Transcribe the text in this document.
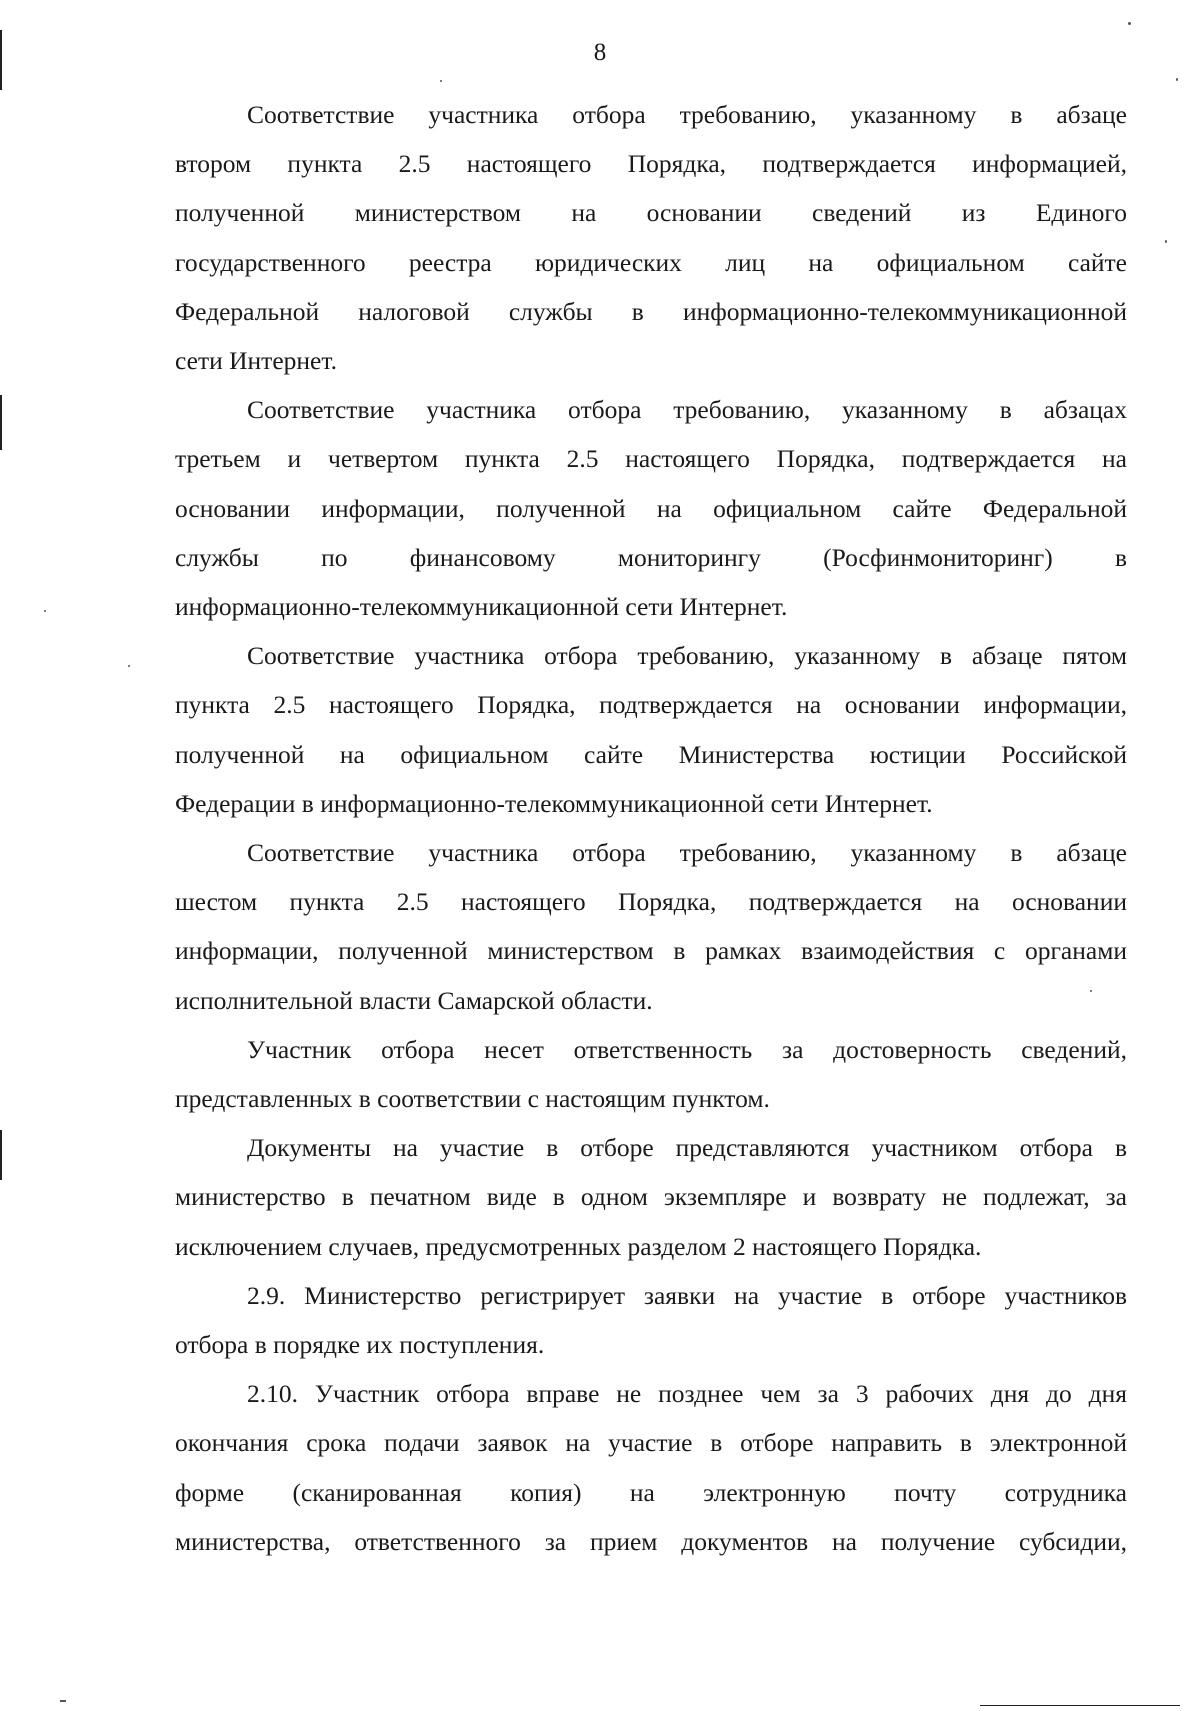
8

Соответствие участника отбора требованию, указанному в абзаце
втором пункта 2.5 настоящего Порядка, подтверждается информацией,
полученной министерством на основании сведений из Единого
государственного реестра юридических лиц на официальном сайте
Федеральной налоговой службы в информационно-телекоммуникационной
сети Интернет.

Соответствие участника отбора требованию, указанному в абзацах
третьем и четвертом пункта 2.5 настоящего Порядка, подтверждается на
основании информации, полученной на официальном сайте Федеральной
службы по финансовому мониторингу (Росфинмониторинг) в
информационно-телекоммуникационной сети Интернет.

Соответствие участника отбора требованию, указанному в абзаце пятом
пункта 2.5 настоящего Порядка, подтверждается на основании информации,
полученной на официальном сайте Министерства юстиции Российской
Федерации в информационно-телекоммуникационной сети Интернет.

Соответствие участника отбора требованию, указанному в абзаце
шестом пункта 2.5 настоящего Порядка, подтверждается на основании
информации, полученной министерством в рамках взаимодействия с органами
исполнительной власти Самарской области.

Участник отбора несет ответственность за достоверность сведений,
представленных в соответствии с настоящим пунктом.

Документы на участие в отборе представляются участником отбора в
министерство в печатном виде в одном экземпляре и возврату не подлежат, за
исключением случаев, предусмотренных разделом 2 настоящего Порядка.

2.9. Министерство регистрирует заявки на участие в отборе участников
отбора в порядке их поступления.

2.10. Участник отбора вправе не позднее чем за 3 рабочих дня до дня
окончания срока подачи заявок на участие в отборе направить в электронной
форме (сканированная копия) на электронную почту сотрудника
министерства, ответственного за прием документов на получение субсидии,
